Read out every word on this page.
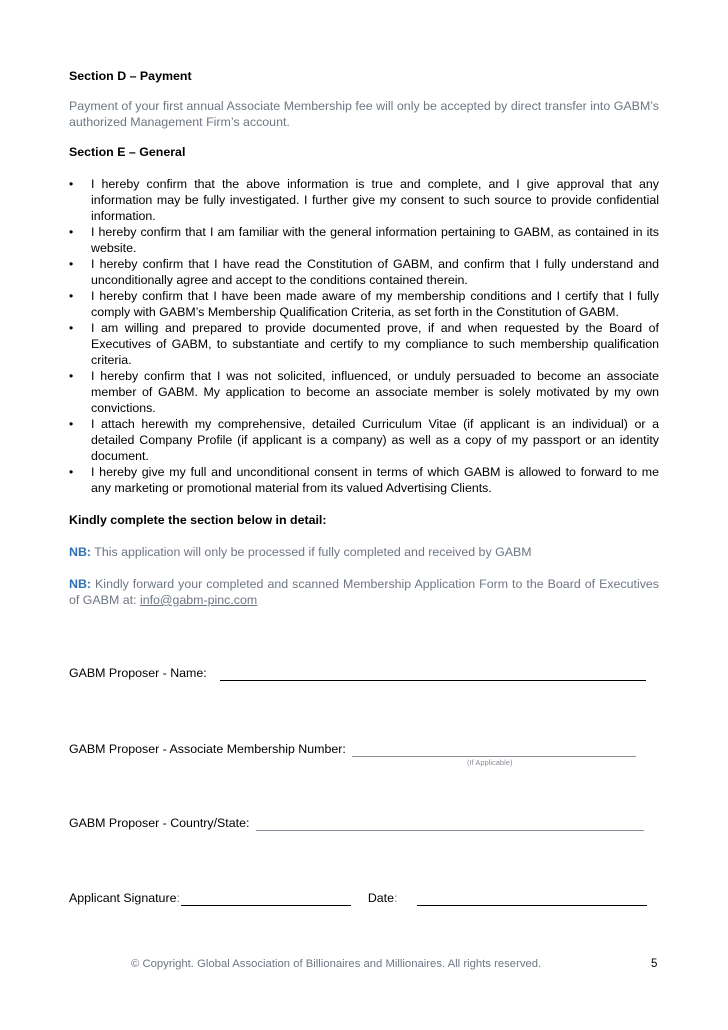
Section D – Payment

Payment of your first annual Associate Membership fee will only be accepted by direct transfer into GABM’s authorized Management Firm’s account.

Section E – General

•	I hereby confirm that the above information is true and complete, and I give approval that any information may be fully investigated. I further give my consent to such source to provide confidential information.
•	I hereby confirm that I am familiar with the general information pertaining to GABM, as contained in its website.
•	I hereby confirm that I have read the Constitution of GABM, and confirm that I fully understand and unconditionally agree and accept to the conditions contained therein.
•	I hereby confirm that I have been made aware of my membership conditions and I certify that I fully comply with GABM’s Membership Qualification Criteria, as set forth in the Constitution of GABM.
•	I am willing and prepared to provide documented prove, if and when requested by the Board of Executives of GABM, to substantiate and certify to my compliance to such membership qualification criteria.
•	I hereby confirm that I was not solicited, influenced, or unduly persuaded to become an associate member of GABM. My application to become an associate member is solely motivated by my own convictions.
•	I attach herewith my comprehensive, detailed Curriculum Vitae (if applicant is an individual) or a detailed Company Profile (if applicant is a company) as well as a copy of my passport or an identity document.
•	I hereby give my full and unconditional consent in terms of which GABM is allowed to forward to me any marketing or promotional material from its valued Advertising Clients.

Kindly complete the section below in detail:

NB: This application will only be processed if fully completed and received by GABM

NB: Kindly forward your completed and scanned Membership Application Form to the Board of Executives of GABM at: info@gabm-pinc.com

GABM Proposer - Name:
GABM Proposer - Associate Membership Number:
(If Applicable)
GABM Proposer - Country/State:
Applicant Signature:	Date:
© Copyright. Global Association of Billionaires and Millionaires. All rights reserved.	5
